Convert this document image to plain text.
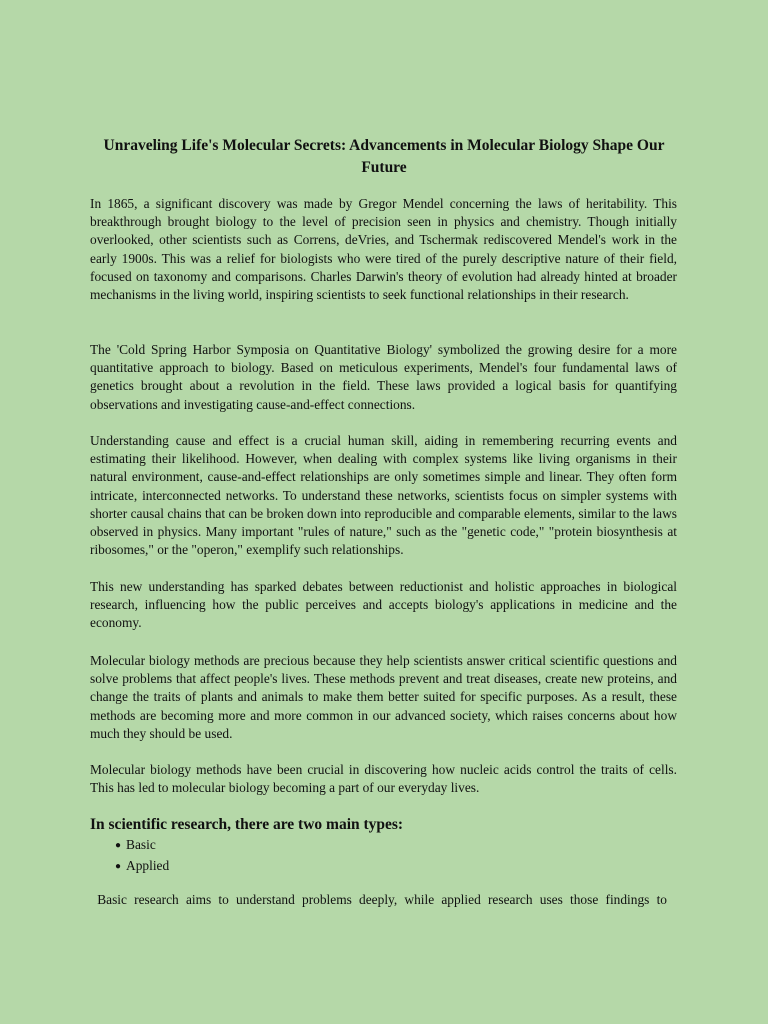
Unraveling Life's Molecular Secrets: Advancements in Molecular Biology Shape Our Future

In 1865, a significant discovery was made by Gregor Mendel concerning the laws of heritability. This breakthrough brought biology to the level of precision seen in physics and chemistry. Though initially overlooked, other scientists such as Correns, deVries, and Tschermak rediscovered Mendel's work in the early 1900s. This was a relief for biologists who were tired of the purely descriptive nature of their field, focused on taxonomy and comparisons. Charles Darwin's theory of evolution had already hinted at broader mechanisms in the living world, inspiring scientists to seek functional relationships in their research.

The 'Cold Spring Harbor Symposia on Quantitative Biology' symbolized the growing desire for a more quantitative approach to biology. Based on meticulous experiments, Mendel's four fundamental laws of genetics brought about a revolution in the field. These laws provided a logical basis for quantifying observations and investigating cause-and-effect connections.

Understanding cause and effect is a crucial human skill, aiding in remembering recurring events and estimating their likelihood. However, when dealing with complex systems like living organisms in their natural environment, cause-and-effect relationships are only sometimes simple and linear. They often form intricate, interconnected networks. To understand these networks, scientists focus on simpler systems with shorter causal chains that can be broken down into reproducible and comparable elements, similar to the laws observed in physics. Many important "rules of nature," such as the "genetic code," "protein biosynthesis at ribosomes," or the "operon," exemplify such relationships.

This new understanding has sparked debates between reductionist and holistic approaches in biological research, influencing how the public perceives and accepts biology's applications in medicine and the economy.

Molecular biology methods are precious because they help scientists answer critical scientific questions and solve problems that affect people's lives. These methods prevent and treat diseases, create new proteins, and change the traits of plants and animals to make them better suited for specific purposes. As a result, these methods are becoming more and more common in our advanced society, which raises concerns about how much they should be used.

Molecular biology methods have been crucial in discovering how nucleic acids control the traits of cells. This has led to molecular biology becoming a part of our everyday lives.

In scientific research, there are two main types:
● Basic
● Applied

Basic research aims to understand problems deeply, while applied research uses those findings to
